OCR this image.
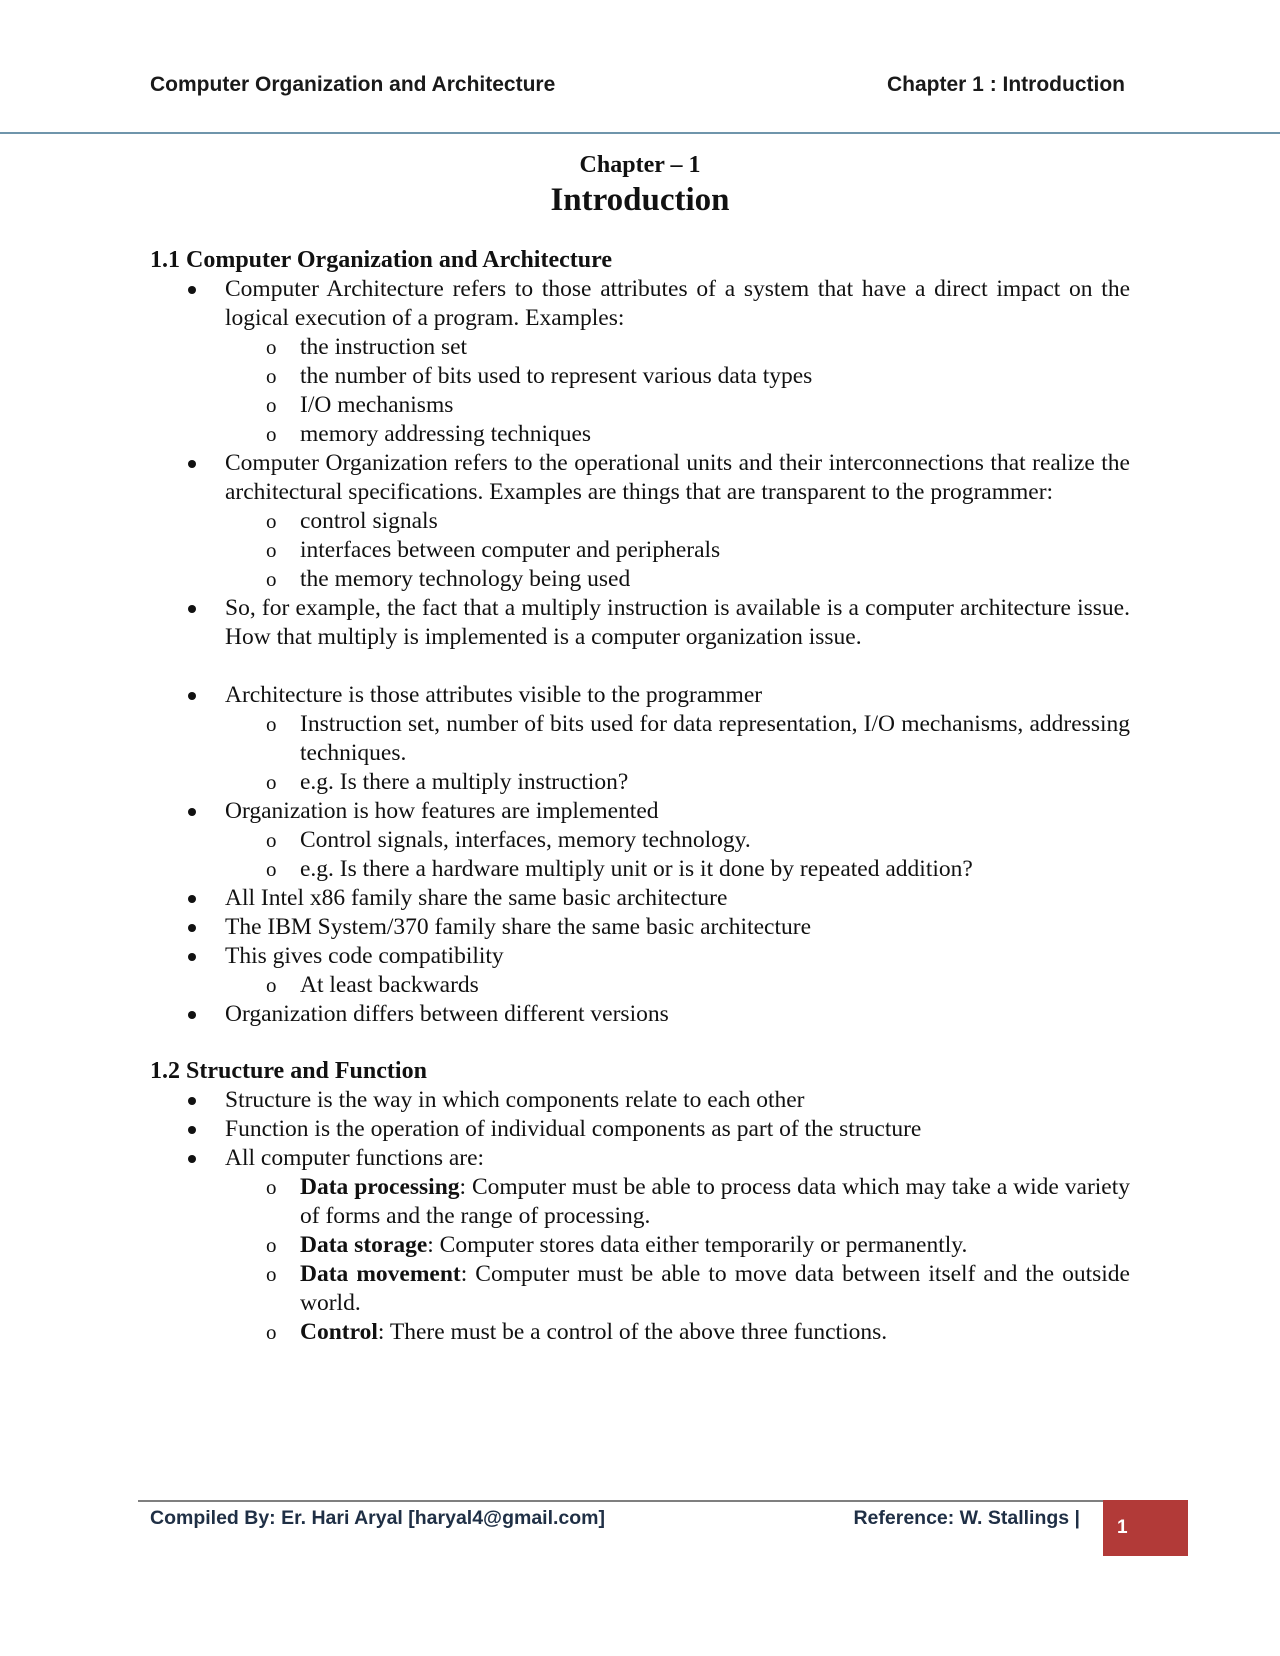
Computer Organization and Architecture	Chapter 1 : Introduction
Chapter – 1
Introduction
1.1 Computer Organization and Architecture
Computer Architecture refers to those attributes of a system that have a direct impact on the logical execution of a program. Examples:
o the instruction set
o the number of bits used to represent various data types
o I/O mechanisms
o memory addressing techniques
Computer Organization refers to the operational units and their interconnections that realize the architectural specifications. Examples are things that are transparent to the programmer:
o control signals
o interfaces between computer and peripherals
o the memory technology being used
So, for example, the fact that a multiply instruction is available is a computer architecture issue. How that multiply is implemented is a computer organization issue.
Architecture is those attributes visible to the programmer
o Instruction set, number of bits used for data representation, I/O mechanisms, addressing techniques.
o e.g. Is there a multiply instruction?
Organization is how features are implemented
o Control signals, interfaces, memory technology.
o e.g. Is there a hardware multiply unit or is it done by repeated addition?
All Intel x86 family share the same basic architecture
The IBM System/370 family share the same basic architecture
This gives code compatibility
o At least backwards
Organization differs between different versions
1.2 Structure and Function
Structure is the way in which components relate to each other
Function is the operation of individual components as part of the structure
All computer functions are:
o Data processing: Computer must be able to process data which may take a wide variety of forms and the range of processing.
o Data storage: Computer stores data either temporarily or permanently.
o Data movement: Computer must be able to move data between itself and the outside world.
o Control: There must be a control of the above three functions.
Compiled By: Er. Hari Aryal [haryal4@gmail.com]	Reference: W. Stallings | 1
